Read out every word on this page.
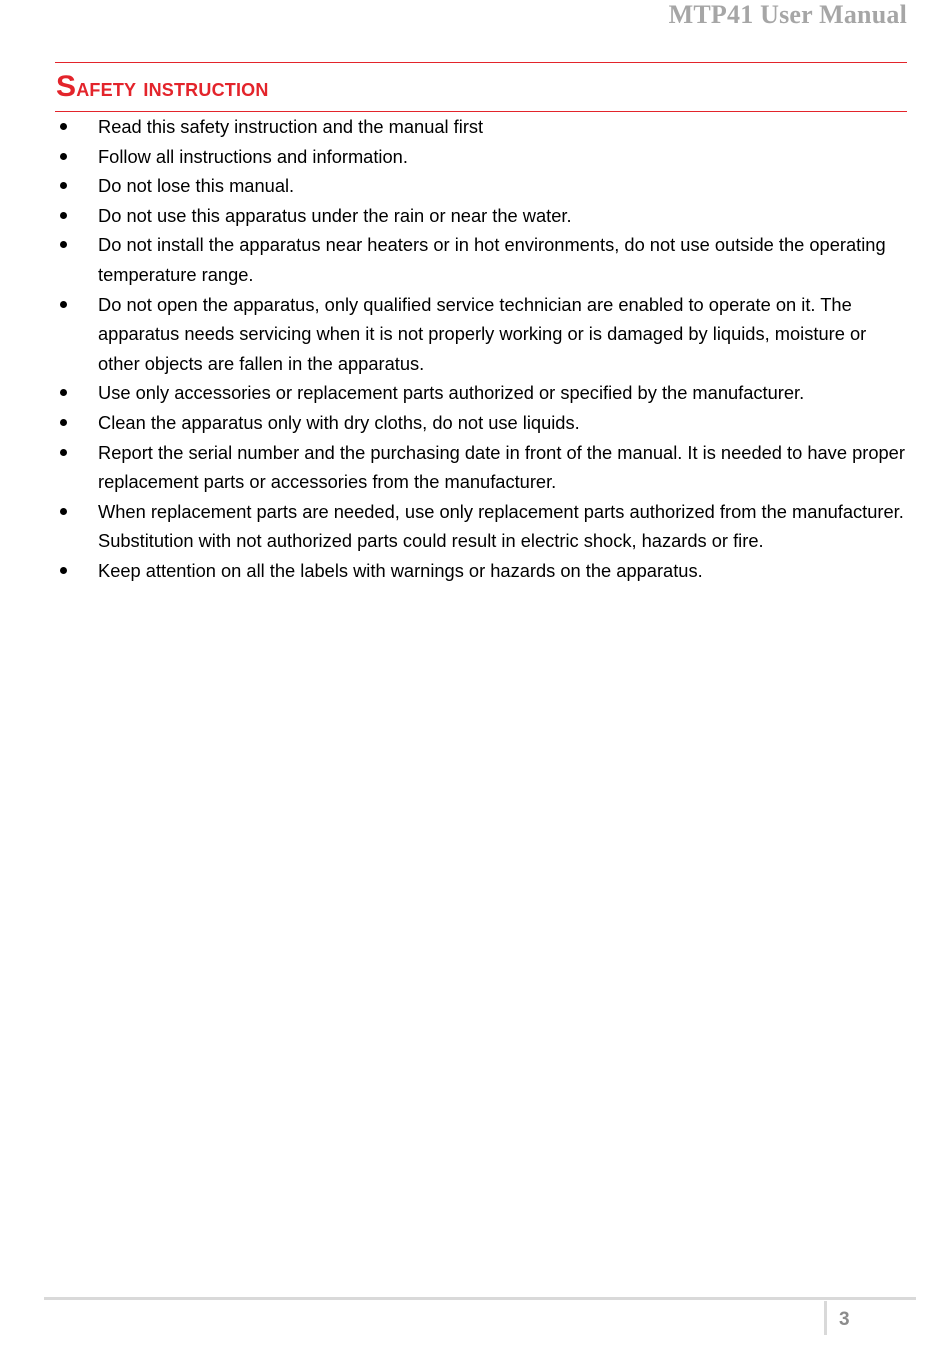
MTP41 User Manual
Safety instruction
Read this safety instruction and the manual first
Follow all instructions and information.
Do not lose this manual.
Do not use this apparatus under the rain or near the water.
Do not install the apparatus near heaters or in hot environments, do not use outside the operating temperature range.
Do not open the apparatus, only qualified service technician are enabled to operate on it. The apparatus needs servicing when it is not properly working or is damaged by liquids, moisture or other objects are fallen in the apparatus.
Use only accessories or replacement parts authorized or specified by the manufacturer.
Clean the apparatus only with dry cloths, do not use liquids.
Report the serial number and the purchasing date in front of the manual. It is needed to have proper replacement parts or accessories from the manufacturer.
When replacement parts are needed, use only replacement parts authorized from the manufacturer. Substitution with not authorized parts could result in electric shock, hazards or fire.
Keep attention on all the labels with warnings or hazards on the apparatus.
3
